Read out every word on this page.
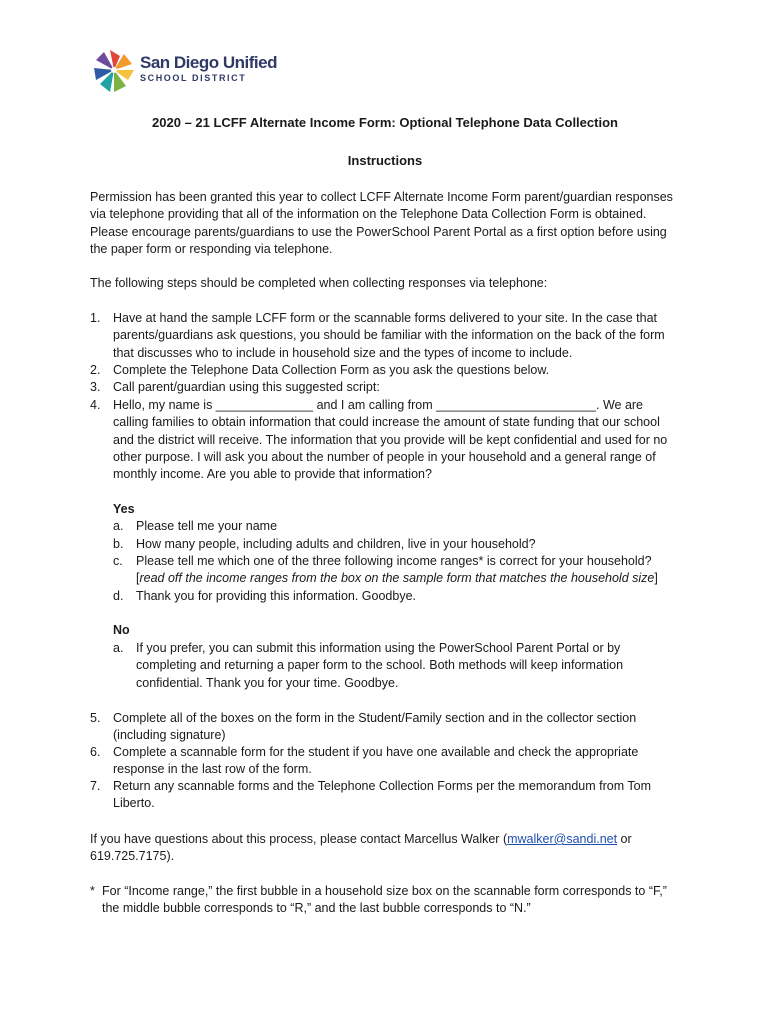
San Diego Unified
SCHOOL DISTRICT
2020 – 21 LCFF Alternate Income Form: Optional Telephone Data Collection
Instructions

Permission has been granted this year to collect LCFF Alternate Income Form parent/guardian responses via telephone providing that all of the information on the Telephone Data Collection Form is obtained. Please encourage parents/guardians to use the PowerSchool Parent Portal as a first option before using the paper form or responding via telephone.

The following steps should be completed when collecting responses via telephone:

1. Have at hand the sample LCFF form or the scannable forms delivered to your site. In the case that parents/guardians ask questions, you should be familiar with the information on the back of the form that discusses who to include in household size and the types of income to include.
2. Complete the Telephone Data Collection Form as you ask the questions below.
3. Call parent/guardian using this suggested script:
4. Hello, my name is ______________ and I am calling from _______________________. We are calling families to obtain information that could increase the amount of state funding that our school and the district will receive. The information that you provide will be kept confidential and used for no other purpose. I will ask you about the number of people in your household and a general range of monthly income. Are you able to provide that information?
Yes
a. Please tell me your name
b. How many people, including adults and children, live in your household?
c. Please tell me which one of the three following income ranges* is correct for your household?
[read off the income ranges from the box on the sample form that matches the household size]
d. Thank you for providing this information. Goodbye.
No
a. If you prefer, you can submit this information using the PowerSchool Parent Portal or by completing and returning a paper form to the school. Both methods will keep information confidential. Thank you for your time. Goodbye.
5. Complete all of the boxes on the form in the Student/Family section and in the collector section (including signature)
6. Complete a scannable form for the student if you have one available and check the appropriate response in the last row of the form.
7. Return any scannable forms and the Telephone Collection Forms per the memorandum from Tom Liberto.

If you have questions about this process, please contact Marcellus Walker (mwalker@sandi.net or 619.725.7175).

* For “Income range,” the first bubble in a household size box on the scannable form corresponds to “F,” the middle bubble corresponds to “R,” and the last bubble corresponds to “N.”
